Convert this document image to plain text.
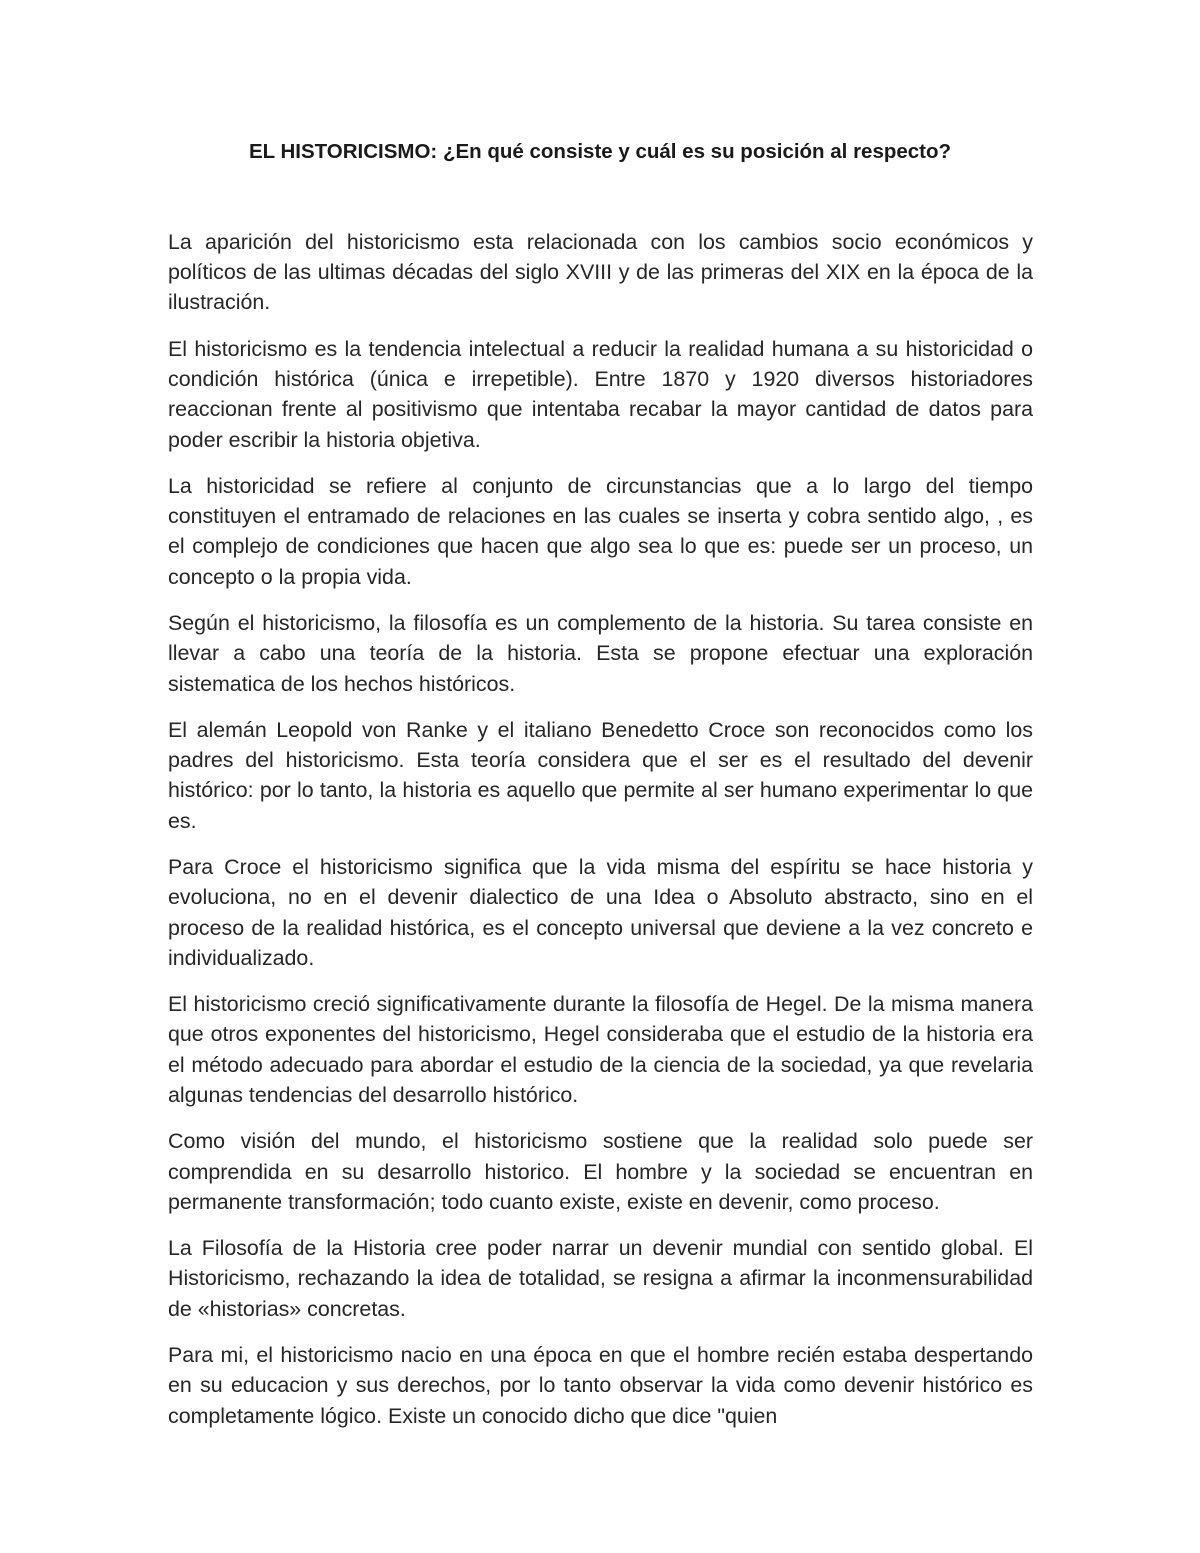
EL HISTORICISMO: ¿En qué consiste y cuál es su posición al respecto?

La aparición del historicismo esta relacionada con los cambios socio económicos y políticos de las ultimas décadas del siglo XVIII y de las primeras del XIX en la época de la ilustración.

El historicismo es la tendencia intelectual a reducir la realidad humana a su historicidad o condición histórica (única e irrepetible). Entre 1870 y 1920 diversos historiadores reaccionan frente al positivismo que intentaba recabar la mayor cantidad de datos para poder escribir la historia objetiva.

La historicidad se refiere al conjunto de circunstancias que a lo largo del tiempo constituyen el entramado de relaciones en las cuales se inserta y cobra sentido algo, , es el complejo de condiciones que hacen que algo sea lo que es: puede ser un proceso, un concepto o la propia vida.

Según el historicismo, la filosofía es un complemento de la historia. Su tarea consiste en llevar a cabo una teoría de la historia. Esta se propone efectuar una exploración sistematica de los hechos históricos.

El alemán Leopold von Ranke y el italiano Benedetto Croce son reconocidos como los padres del historicismo. Esta teoría considera que el ser es el resultado del devenir histórico: por lo tanto, la historia es aquello que permite al ser humano experimentar lo que es.

Para Croce el historicismo significa que la vida misma del espíritu se hace historia y evoluciona, no en el devenir dialectico de una Idea o Absoluto abstracto, sino en el proceso de la realidad histórica, es el concepto universal que deviene a la vez concreto e individualizado.

El historicismo creció significativamente durante la filosofía de Hegel. De la misma manera que otros exponentes del historicismo, Hegel consideraba que el estudio de la historia era el método adecuado para abordar el estudio de la ciencia de la sociedad, ya que revelaria algunas tendencias del desarrollo histórico.

Como visión del mundo, el historicismo sostiene que la realidad solo puede ser comprendida en su desarrollo historico. El hombre y la sociedad se encuentran en permanente transformación; todo cuanto existe, existe en devenir, como proceso.

La Filosofía de la Historia cree poder narrar un devenir mundial con sentido global. El Historicismo, rechazando la idea de totalidad, se resigna a afirmar la inconmensurabilidad de «historias» concretas.

Para mi, el historicismo nacio en una época en que el hombre recién estaba despertando en su educacion y sus derechos, por lo tanto observar la vida como devenir histórico es completamente lógico. Existe un conocido dicho que dice "quien
